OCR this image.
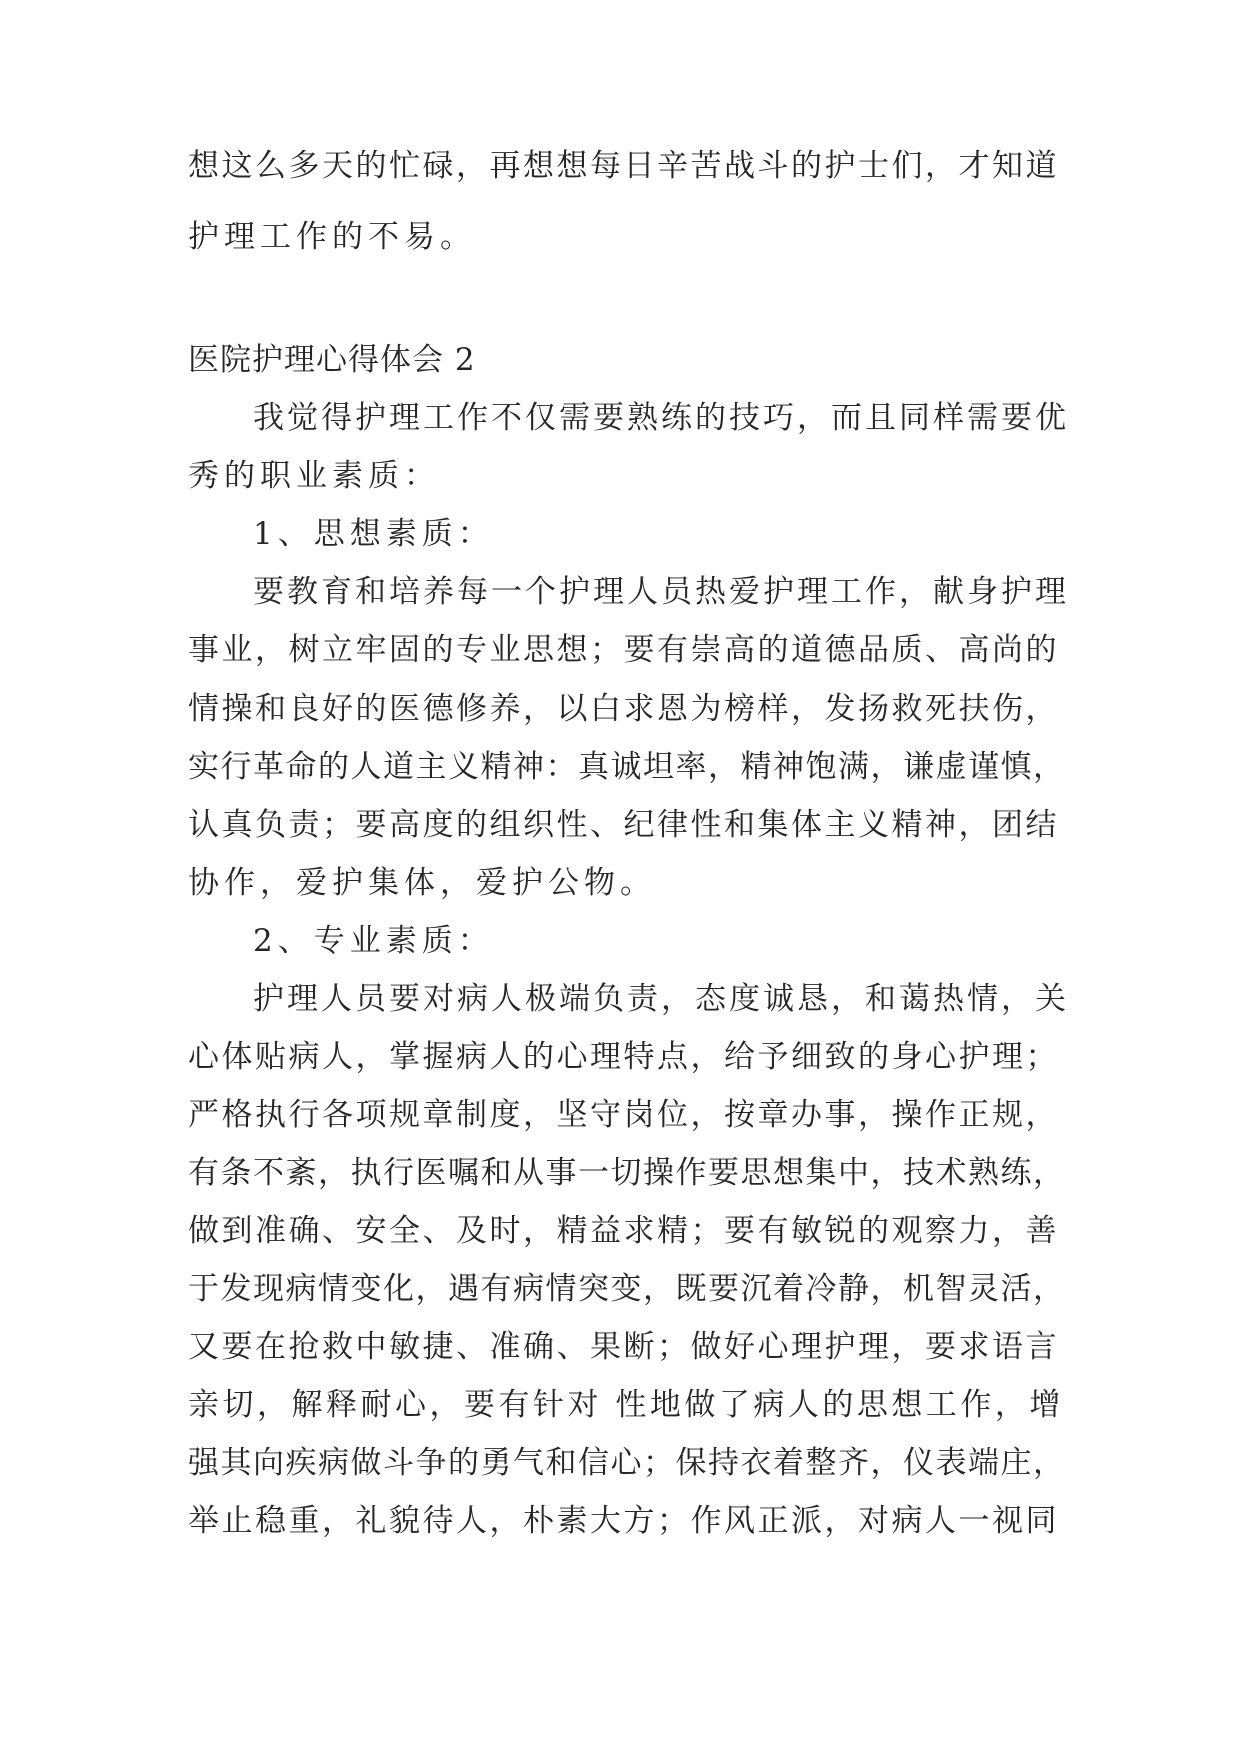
想这么多天的忙碌，再想想每日辛苦战斗的护士们，才知道
护理工作的不易。
医院护理心得体会 2
我觉得护理工作不仅需要熟练的技巧，而且同样需要优
秀的职业素质：
1、思想素质：
要教育和培养每一个护理人员热爱护理工作，献身护理
事业，树立牢固的专业思想；要有崇高的道德品质、高尚的
情操和良好的医德修养，以白求恩为榜样，发扬救死扶伤，
实行革命的人道主义精神：真诚坦率，精神饱满，谦虚谨慎，
认真负责；要高度的组织性、纪律性和集体主义精神，团结
协作，爱护集体，爱护公物。
2、专业素质：
护理人员要对病人极端负责，态度诚恳，和蔼热情，关
心体贴病人，掌握病人的心理特点，给予细致的身心护理；
严格执行各项规章制度，坚守岗位，按章办事，操作正规，
有条不紊，执行医嘱和从事一切操作要思想集中，技术熟练，
做到准确、安全、及时，精益求精；要有敏锐的观察力，善
于发现病情变化，遇有病情突变，既要沉着冷静，机智灵活，
又要在抢救中敏捷、准确、果断；做好心理护理，要求语言
亲切，解释耐心，要有针对 性地做了病人的思想工作，增
强其向疾病做斗争的勇气和信心；保持衣着整齐，仪表端庄，
举止稳重，礼貌待人，朴素大方；作风正派，对病人一视同
